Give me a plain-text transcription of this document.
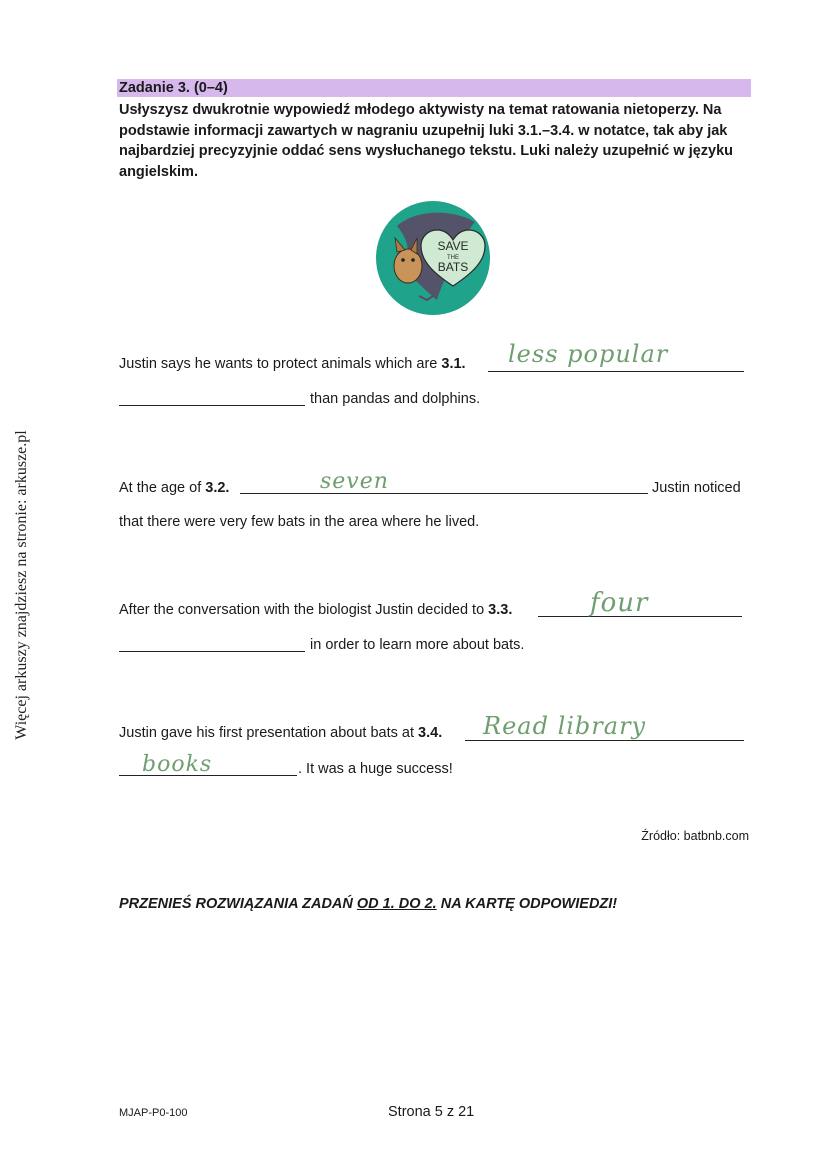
Więcej arkuszy znajdziesz na stronie: arkusze.pl
Zadanie 3. (0–4)
Usłyszysz dwukrotnie wypowiedź młodego aktywisty na temat ratowania nietoperzy. Na podstawie informacji zawartych w nagraniu uzupełnij luki 3.1.–3.4. w notatce, tak aby jak najbardziej precyzyjnie oddać sens wysłuchanego tekstu. Luki należy uzupełnić w języku angielskim.
SAVE
THE
BATS
Justin says he wants to protect animals which are 3.1. less popular
than pandas and dolphins.
At the age of 3.2.	seven	Justin noticed
that there were very few bats in the area where he lived.
After the conversation with the biologist Justin decided to 3.3.	four
in order to learn more about bats.
Justin gave his first presentation about bats at 3.4. Read library
books	. It was a huge success!
Źródło: batbnb.com
PRZENIEŚ ROZWIĄZANIA ZADAŃ OD 1. DO 2. NA KARTĘ ODPOWIEDZI!
MJAP-P0-100	Strona 5 z 21
